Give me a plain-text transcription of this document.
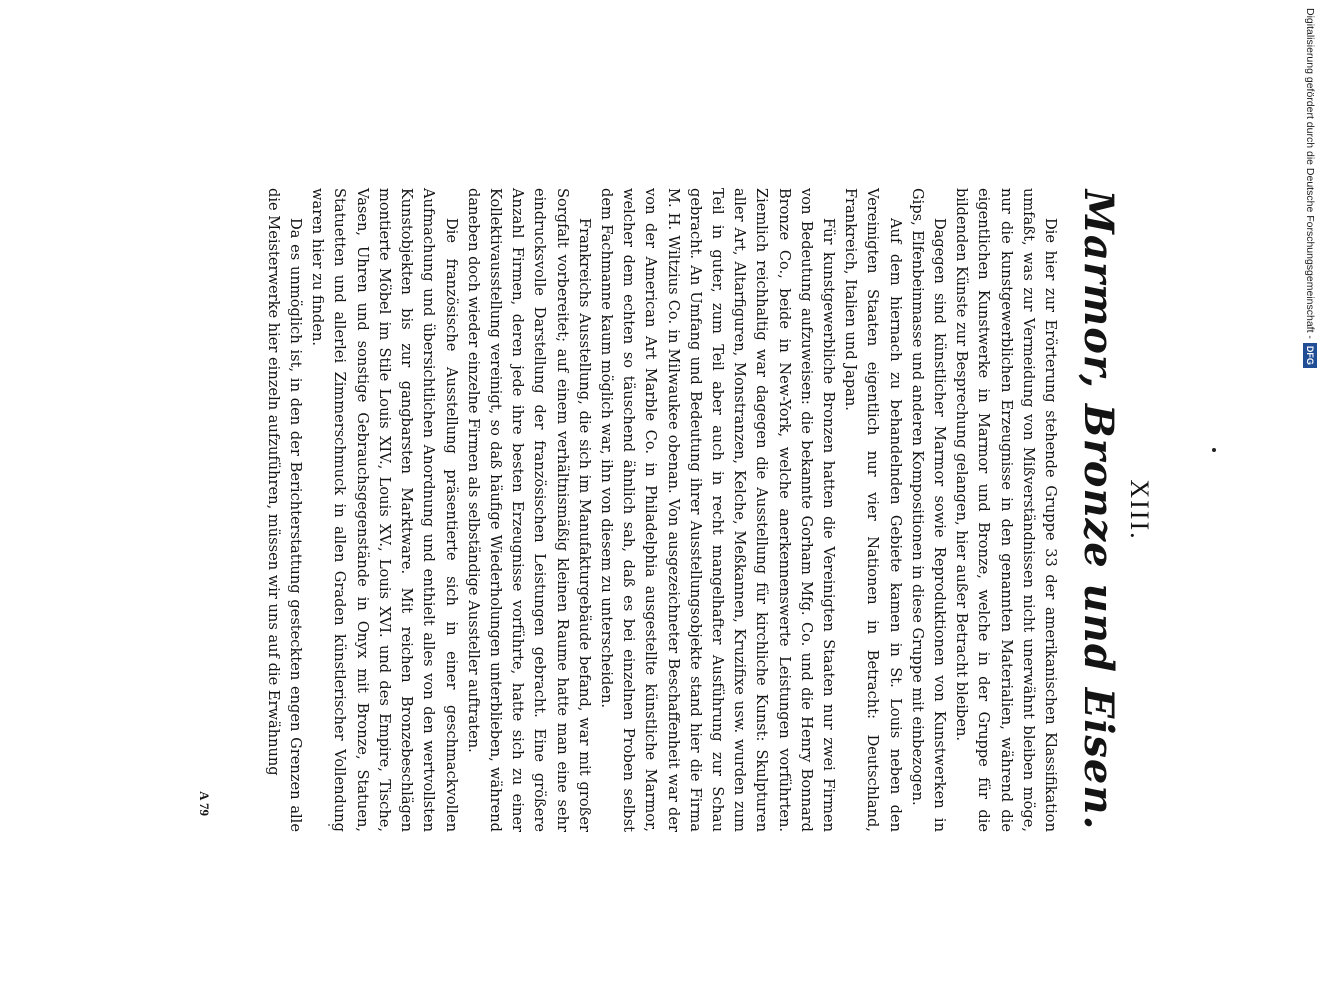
XIII.
Marmor, Bronze und Eisen.

Die hier zur Erörterung stehende Gruppe 33 der amerikanischen Klassifikation umfaßt, was zur Vermeidung von Mißverständnissen nicht unerwähnt bleiben möge, nur die kunstgewerblichen Erzeugnisse in den genannten Materialien, während die eigentlichen Kunstwerke in Marmor und Bronze, welche in der Gruppe für die bildenden Künste zur Besprechung gelangen, hier außer Betracht bleiben.

Dagegen sind künstlicher Marmor sowie Reproduktionen von Kunstwerken in Gips, Elfenbeinmasse und anderen Kompositionen in diese Gruppe mit einbezogen.

Auf dem hiernach zu behandelnden Gebiete kamen in St. Louis neben den Vereinigten Staaten eigentlich nur vier Nationen in Betracht: Deutschland, Frankreich, Italien und Japan.

Für kunstgewerbliche Bronzen hatten die Vereinigten Staaten nur zwei Firmen von Bedeutung aufzuweisen: die bekannte Gorham Mfg. Co. und die Henry Bonnard Bronze Co., beide in New-York, welche anerkennenswerte Leistungen vorführten. Ziemlich reichhaltig war dagegen die Ausstellung für kirchliche Kunst: Skulpturen aller Art, Altarfiguren, Monstranzen, Kelche, Meßkannen, Kruzifixe usw. wurden zum Teil in guter, zum Teil aber auch in recht mangelhafter Ausführung zur Schau gebracht. An Umfang und Bedeutung ihrer Ausstellungsobjekte stand hier die Firma M. H. Wiltzius Co. in Milwaukee obenan. Von ausgezeichneter Beschaffenheit war der von der American Art Marble Co. in Philadelphia ausgestellte künstliche Marmor, welcher dem echten so täuschend ähnlich sah, daß es bei einzelnen Proben selbst dem Fachmanne kaum möglich war, ihn von diesem zu unterscheiden.

Frankreichs Ausstellung, die sich im Manufakturgebäude befand, war mit großer Sorgfalt vorbereitet; auf einem verhältnismäßig kleinen Raume hatte man eine sehr eindrucksvolle Darstellung der französischen Leistungen gebracht. Eine größere Anzahl Firmen, deren jede ihre besten Erzeugnisse vorführte, hatte sich zu einer Kollektivausstellung vereinigt, so daß häufige Wiederholungen unterblieben, während daneben doch wieder einzelne Firmen als selbständige Aussteller auftraten.

Die französische Ausstellung präsentierte sich in einer geschmackvollen Aufmachung und übersichtlichen Anordnung und enthielt alles von den wertvollsten Kunstobjekten bis zur gangbarsten Marktware. Mit reichen Bronzebeschlägen montierte Möbel im Stile Louis XIV., Louis XV., Louis XVI. und des Empire, Tische, Vasen, Uhren und sonstige Gebrauchsgegenstände in Onyx mit Bronze, Statuen, Statuetten und allerlei Zimmerschmuck in allen Graden künstlerischer Vollendung waren hier zu finden.

Da es unmöglich ist, in den der Berichterstattung gesteckten engen Grenzen alle die Meisterwerke hier einzeln aufzuführen, müssen wir uns auf die Erwähnung

A 79
Digitalisierung gefördert durch die Deutsche Forschungsgemeinschaft -
DFG
